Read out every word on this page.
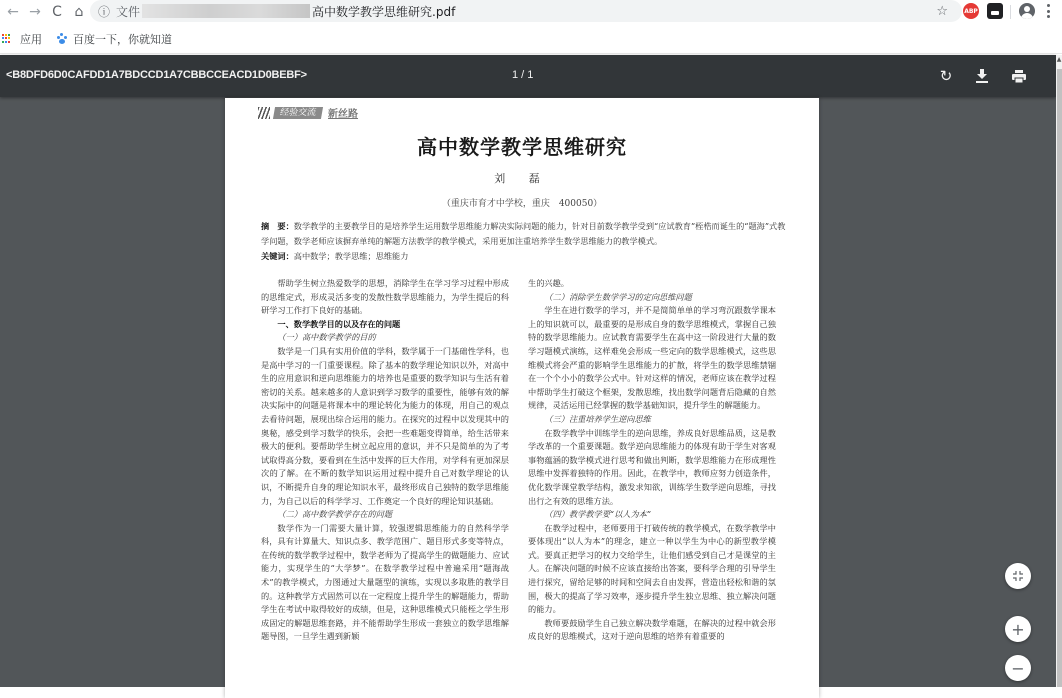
← → C ⌂ ⓘ 文件	高中数学教学思维研究.pdf	☆	ABP
应用	百度一下，你就知道
<B8DFD6D0CAFDD1A7BDCCD1A7CBBCCEACD1D0BEBF>	1 / 1	↻
经验交流	新丝路
高中数学教学思维研究
刘 磊
（重庆市育才中学校，重庆　400050）
摘　要：数学教学的主要教学目的是培养学生运用数学思维能力解决实际问题的能力，针对目前数学教学受到“应试教育”桎梏而诞生的“题海”式教学问题，数学老师应该摒弃单纯的解题方法教学的教学模式，采用更加注重培养学生数学思维能力的教学模式。
关键词：高中数学；教学思维；思维能力

帮助学生树立热爱数学的思想，消除学生在学习学习过程中形成的思维定式，形成灵活多变的发散性数学思维能力，为学生提后的科研学习工作打下良好的基础。

一、数学教学目的以及存在的问题

（一）高中数学教学的目的

数学是一门具有实用价值的学科，数学属于一门基础性学科，也是高中学习的一门重要课程。除了基本的数学理论知识以外，对高中生的应用意识和逆向思维能力的培养也是重要的数学知识与生活有着密切的关系。越来越多的人意识到学习数学的重要性，能够有效的解决实际中的问题是将课本中的理论转化为能力的体现，用自己的观点去看待问题，展现出综合运用的能力。在探究的过程中以发现其中的奥秘，感受到学习数学的快乐，会把一些难题变得简单，给生活带来极大的便利。要帮助学生树立起应用的意识，并不只是简单的为了考试取得高分数，要看到在生活中发挥的巨大作用，对学科有更加深层次的了解。在不断的数学知识运用过程中提升自己对数学理论的认识，不断提升自身的理论知识水平，最终形成自己独特的数学思维能力，为自己以后的科学学习、工作奠定一个良好的理论知识基础。

（二）高中数学教学存在的问题

数学作为一门需要大量计算，较强逻辑思维能力的自然科学学科，具有计算量大、知识点多、教学范围广、题目形式多变等特点，在传统的数学教学过程中，数学老师为了提高学生的做题能力、应试能力，实现学生的“大学梦”。在数学教学过程中普遍采用“题海战术”的教学模式，力图通过大量题型的演练，实现以多取胜的教学目的。这种教学方式固然可以在一定程度上提升学生的解题能力，帮助学生在考试中取得较好的成绩，但是，这种思维模式只能桎之学生形成固定的解题思维套路，并不能帮助学生形成一套独立的数学思维解题导图，一旦学生遇到新颖

生的兴趣。

（二）消除学生数学学习的定向思维问题

学生在进行数学的学习，并不是简简单单的学习弯沉跟数学课本上的知识就可以，最重要的是形成自身的数学思维模式，掌握自己独特的数学思维能力。应试教育需要学生在高中这一阶段进行大量的数学习题模式演练，这样难免会形成一些定向的数学思维模式，这些思维模式将会严重的影响学生思维能力的扩散，将学生的数学思维禁锢在一个个小小的数学公式中。针对这样的情况，老师应该在教学过程中帮助学生打破这个框架，发散思维，找出数学问题背后隐藏的自然规律，灵活运用已经掌握的数学基础知识，提升学生的解题能力。

（三）注重培养学生逆向思维

在数学教学中训练学生的逆向思维，养成良好思维品质，这是教学改革的一个重要课题。数学逆向思维能力的体现有助于学生对客观事物蕴涵的数学模式进行思考和做出判断，数学思维能力在形成理性思维中发挥着独特的作用。因此，在教学中，教师应努力创造条件，优化数学课堂教学结构，激发求知欲，训练学生数学逆向思维，寻找出行之有效的思维方法。

（四）教学教学要“以人为本”

在教学过程中，老师要用于打破传统的教学模式，在数学教学中要体现出“以人为本”的理念，建立一种以学生为中心的新型教学模式。要真正把学习的权力交给学生，让他们感受到自己才是课堂的主人。在解决问题的时候不应该直接给出答案，要科学合理的引导学生进行探究，留给足够的时间和空间去自由发挥，营造出轻松和谐的氛围，极大的提高了学习效率，逐步提升学生独立思维、独立解决问题的能力。

教师要鼓励学生自己独立解决数学难题，在解决的过程中就会形成良好的思维模式，这对于逆向思维的培养有着重要的	+
−
▲
